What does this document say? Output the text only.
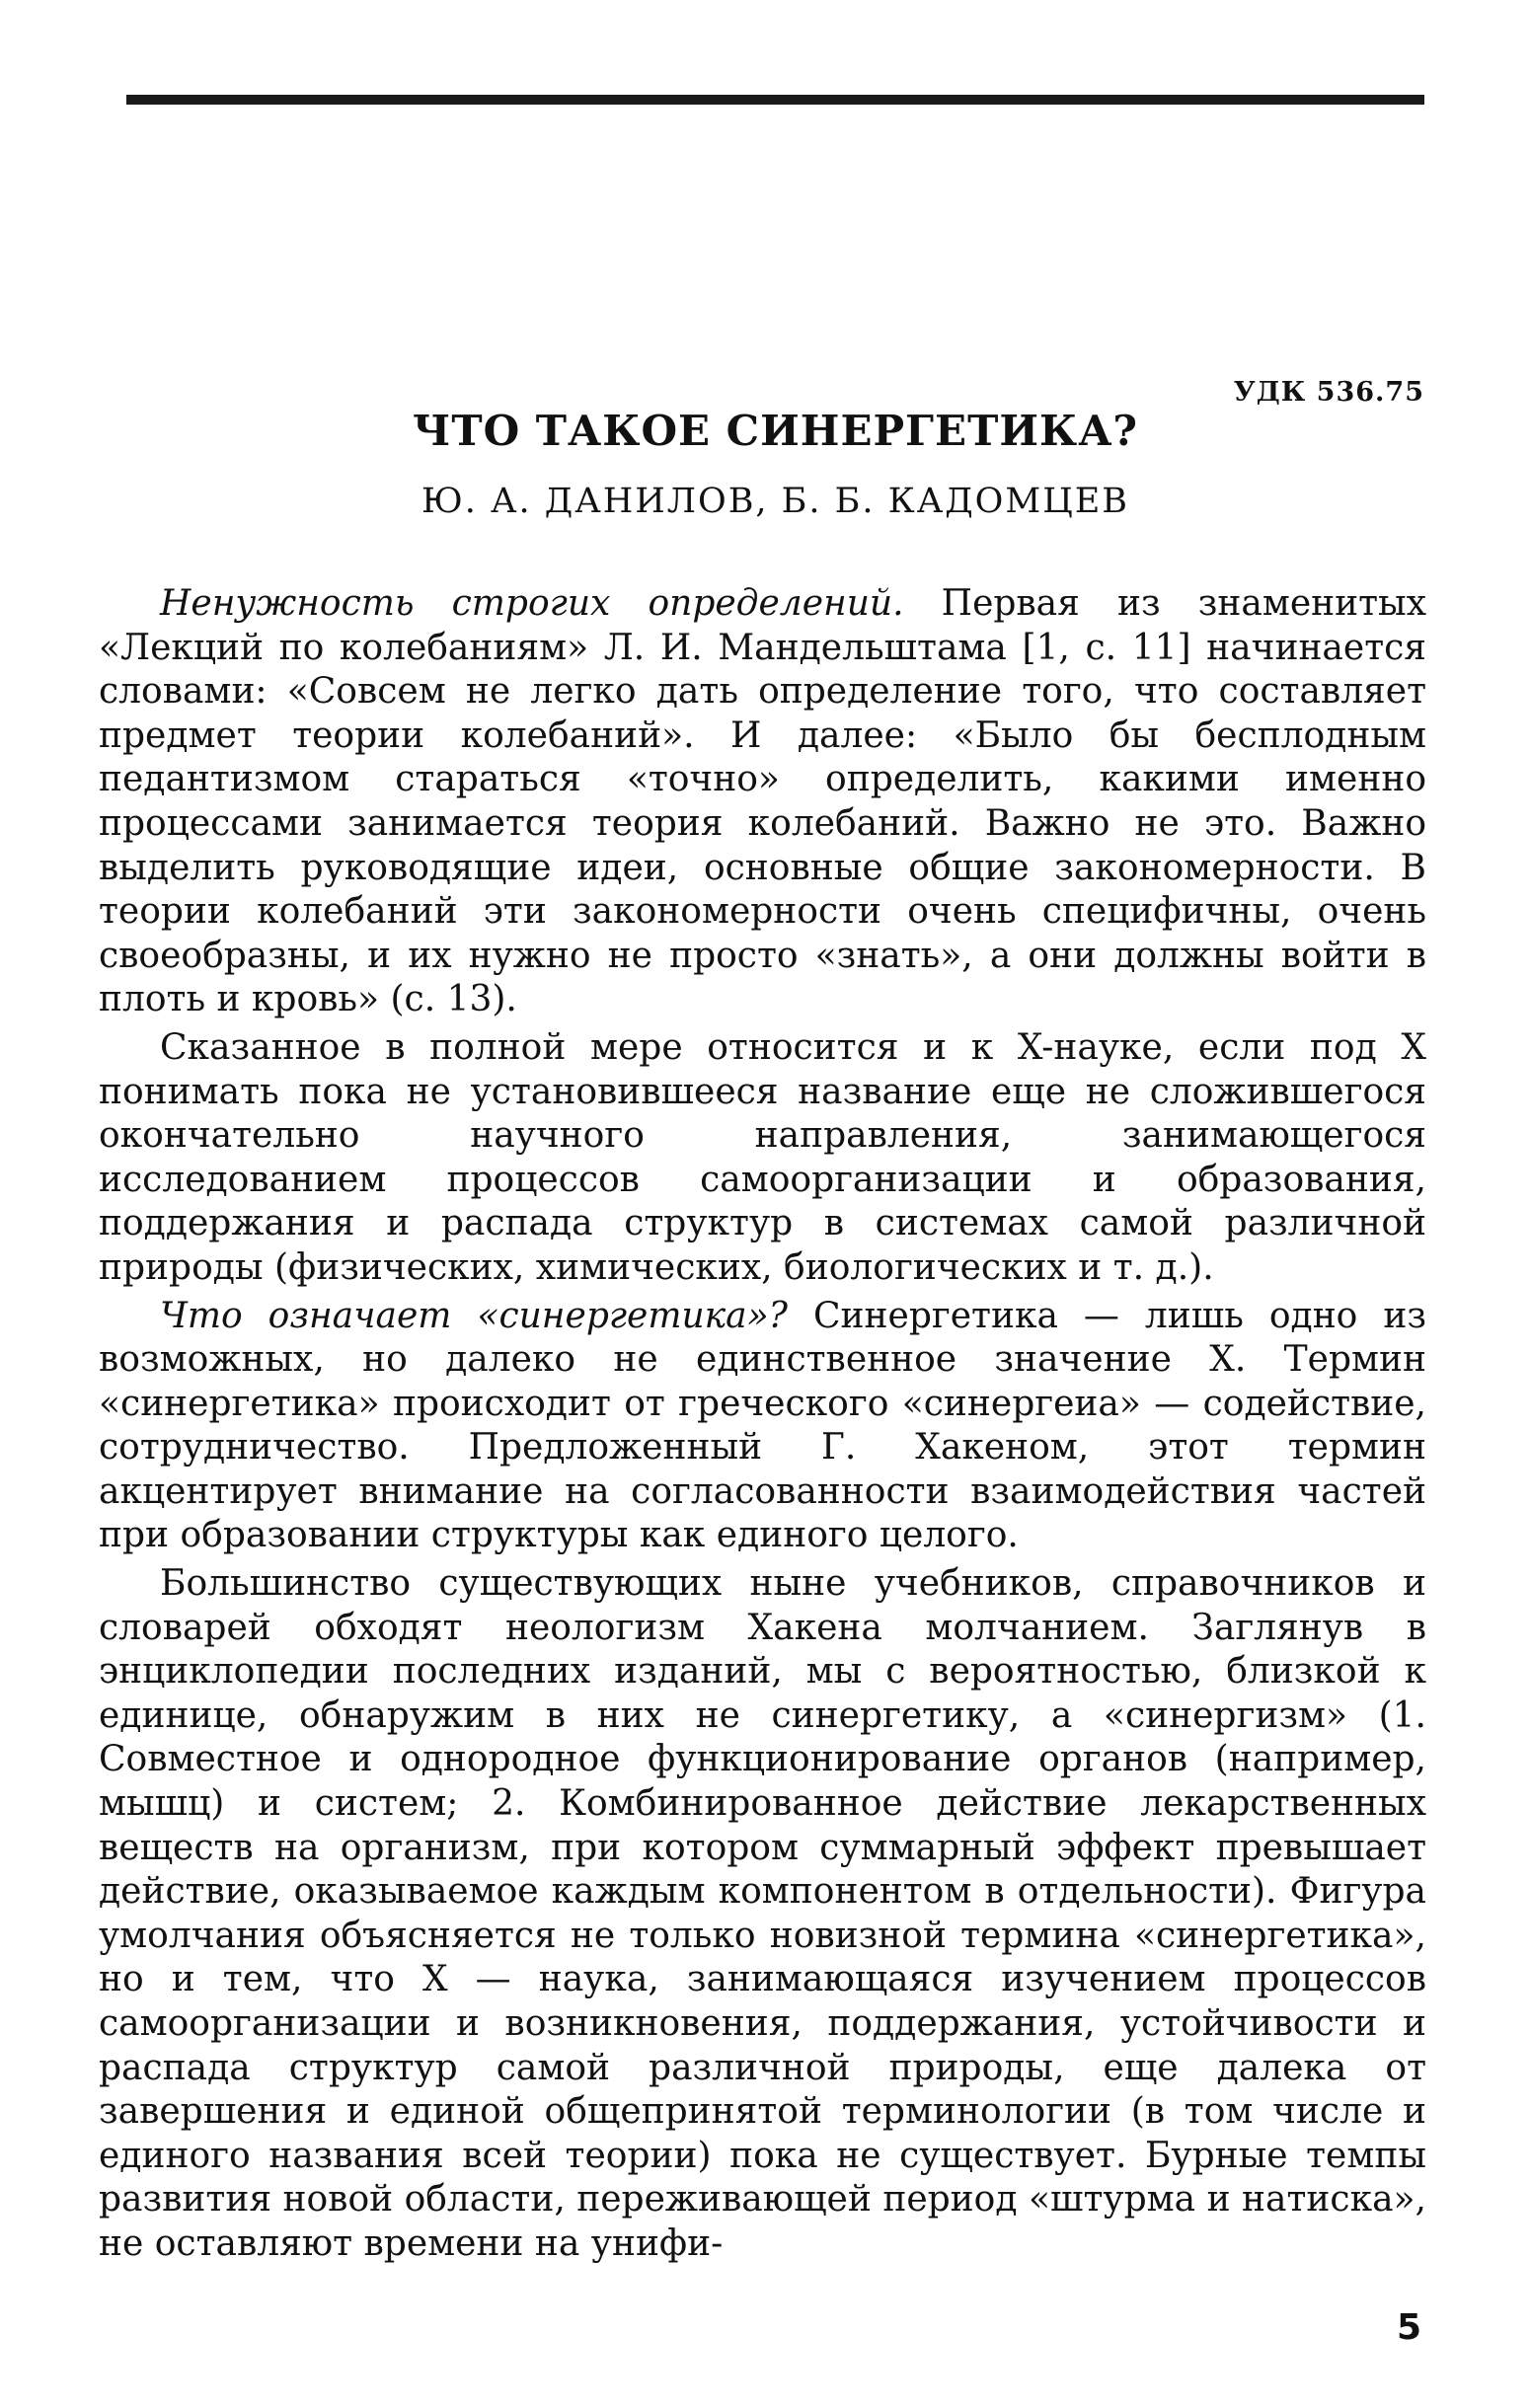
УДК 536.75
ЧТО ТАКОЕ СИНЕРГЕТИКА?
Ю. А. ДАНИЛОВ, Б. Б. КАДОМЦЕВ

Ненужность строгих определений. Первая из знаменитых «Лекций по колебаниям» Л. И. Мандельштама [1, с. 11] начинается словами: «Совсем не легко дать определение того, что составляет предмет теории колебаний». И далее: «Было бы бесплодным педантизмом стараться «точно» определить, какими именно процессами занимается теория колебаний. Важно не это. Важно выделить руководящие идеи, основные общие закономерности. В теории колебаний эти закономерности очень специфичны, очень своеобразны, и их нужно не просто «знать», а они должны войти в плоть и кровь» (с. 13).

Сказанное в полной мере относится и к X-науке, если под X понимать пока не установившееся название еще не сложившегося окончательно научного направления, занимающегося исследованием процессов самоорганизации и образования, поддержания и распада структур в системах самой различной природы (физических, химических, биологических и т. д.).

Что означает «синергетика»? Синергетика — лишь одно из возможных, но далеко не единственное значение X. Термин «синергетика» происходит от греческого «синергеиа» — содействие, сотрудничество. Предложенный Г. Хакеном, этот термин акцентирует внимание на согласованности взаимодействия частей при образовании структуры как единого целого.

Большинство существующих ныне учебников, справочников и словарей обходят неологизм Хакена молчанием. Заглянув в энциклопедии последних изданий, мы с вероятностью, близкой к единице, обнаружим в них не синергетику, а «синергизм» (1. Совместное и однородное функционирование органов (например, мышц) и систем; 2. Комбинированное действие лекарственных веществ на организм, при котором суммарный эффект превышает действие, оказываемое каждым компонентом в отдельности). Фигура умолчания объясняется не только новизной термина «синергетика», но и тем, что X — наука, занимающаяся изучением процессов самоорганизации и возникновения, поддержания, устойчивости и распада структур самой различной природы, еще далека от завершения и единой общепринятой терминологии (в том числе и единого названия всей теории) пока не существует. Бурные темпы развития новой области, переживающей период «штурма и натиска», не оставляют времени на унифи-

5
